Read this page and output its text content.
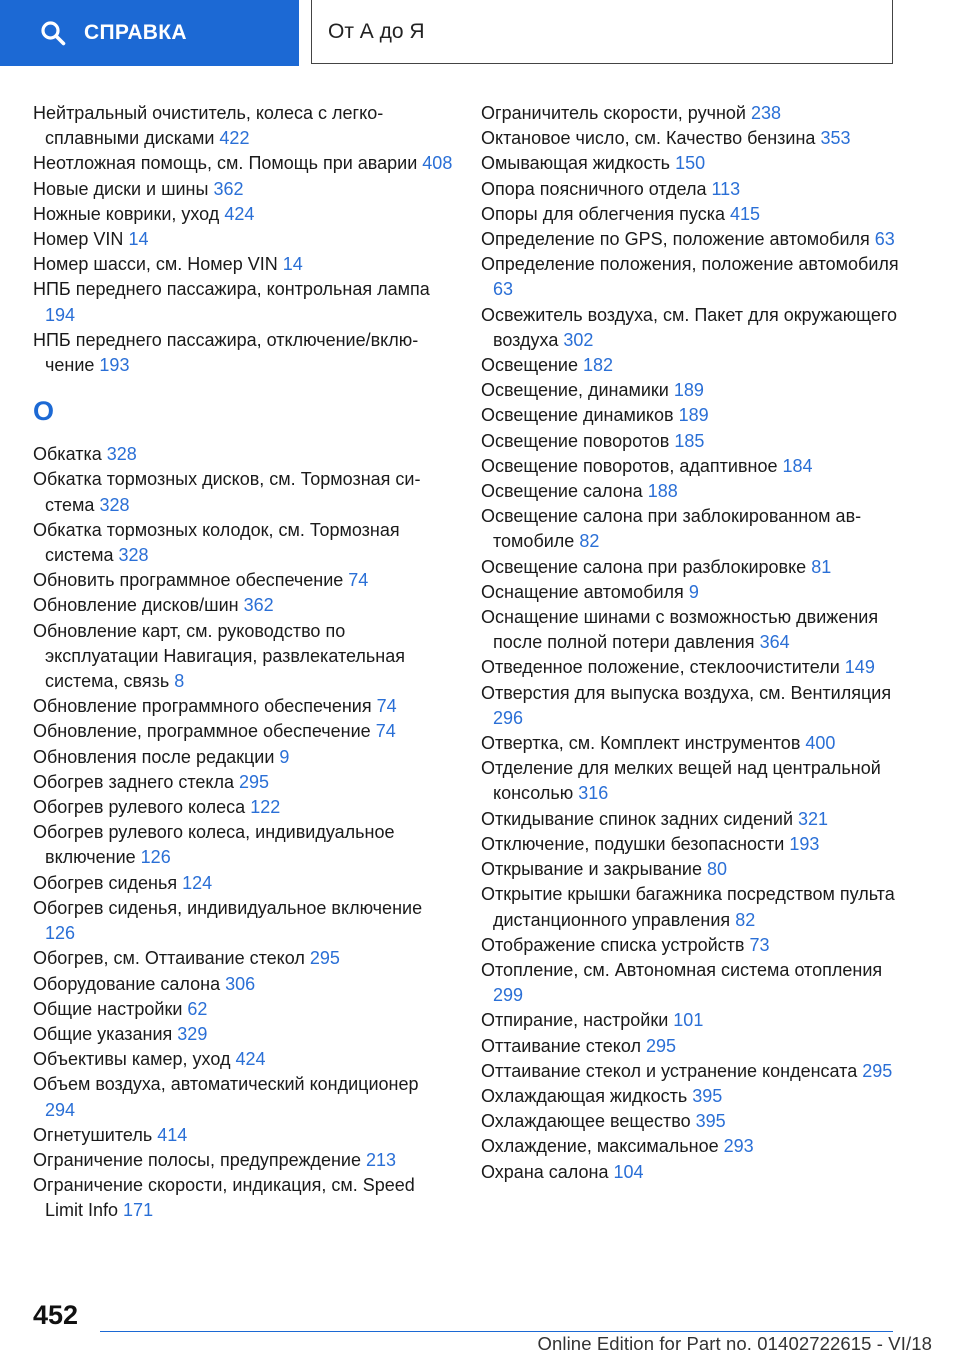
СПРАВКА	От А до Я
Нейтральный очиститель, колеса с легкосплавными дисками 422
Неотложная помощь, см. Помощь при аварии 408
Новые диски и шины 362
Ножные коврики, уход 424
Номер VIN 14
Номер шасси, см. Номер VIN 14
НПБ переднего пассажира, контрольная лампа 194
НПБ переднего пассажира, отключение/включение 193
О
Обкатка 328
Обкатка тормозных дисков, см. Тормозная система 328
Обкатка тормозных колодок, см. Тормозная система 328
Обновить программное обеспечение 74
Обновление дисков/шин 362
Обновление карт, см. руководство по эксплуатации Навигация, развлекательная система, связь 8
Обновление программного обеспечения 74
Обновление, программное обеспечение 74
Обновления после редакции 9
Обогрев заднего стекла 295
Обогрев рулевого колеса 122
Обогрев рулевого колеса, индивидуальное включение 126
Обогрев сиденья 124
Обогрев сиденья, индивидуальное включение 126
Обогрев, см. Оттаивание стекол 295
Оборудование салона 306
Общие настройки 62
Общие указания 329
Объективы камер, уход 424
Объем воздуха, автоматический кондиционер 294
Огнетушитель 414
Ограничение полосы, предупреждение 213
Ограничение скорости, индикация, см. Speed Limit Info 171
Ограничитель скорости, ручной 238
Октановое число, см. Качество бензина 353
Омывающая жидкость 150
Опора поясничного отдела 113
Опоры для облегчения пуска 415
Определение по GPS, положение автомобиля 63
Определение положения, положение автомобиля 63
Освежитель воздуха, см. Пакет для окружающего воздуха 302
Освещение 182
Освещение, динамики 189
Освещение динамиков 189
Освещение поворотов 185
Освещение поворотов, адаптивное 184
Освещение салона 188
Освещение салона при заблокированном автомобиле 82
Освещение салона при разблокировке 81
Оснащение автомобиля 9
Оснащение шинами с возможностью движения после полной потери давления 364
Отведенное положение, стеклоочистители 149
Отверстия для выпуска воздуха, см. Вентиляция 296
Отвертка, см. Комплект инструментов 400
Отделение для мелких вещей над центральной консолью 316
Откидывание спинок задних сидений 321
Отключение, подушки безопасности 193
Открывание и закрывание 80
Открытие крышки багажника посредством пульта дистанционного управления 82
Отображение списка устройств 73
Отопление, см. Автономная система отопления 299
Отпирание, настройки 101
Оттаивание стекол 295
Оттаивание стекол и устранение конденсата 295
Охлаждающая жидкость 395
Охлаждающее вещество 395
Охлаждение, максимальное 293
Охрана салона 104
452
Online Edition for Part no. 01402722615 - VI/18
